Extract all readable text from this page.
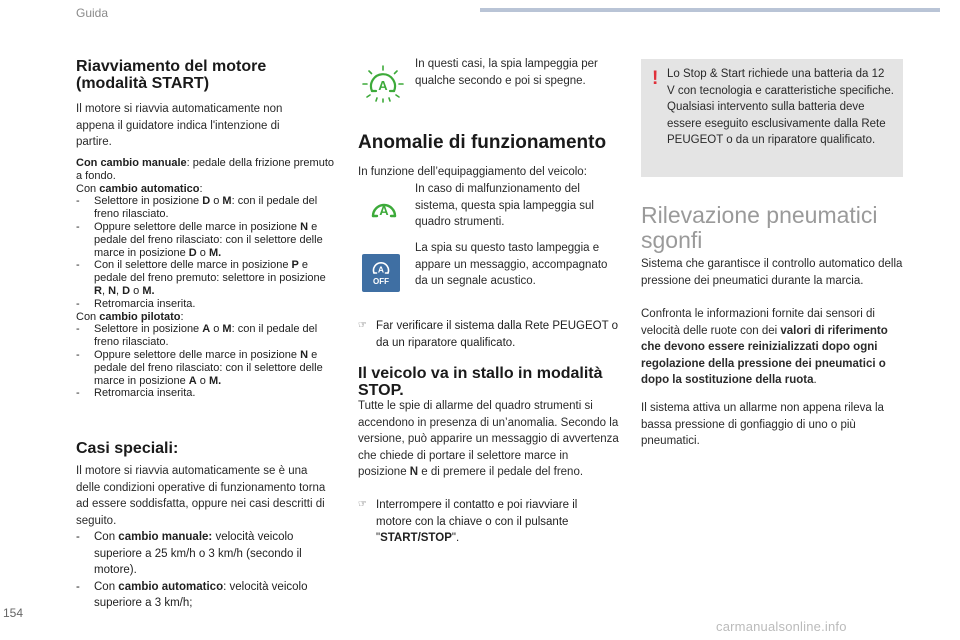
Guida
154
carmanualsonline.info
Riavviamento del motore
(modalità START)

Il motore si riavvia automaticamente non appena il guidatore indica l'intenzione di partire.

Con cambio manuale: pedale della frizione premuto a fondo.

Con cambio automatico:

- Selettore in posizione D o M: con il pedale del freno rilasciato.
- Oppure selettore delle marce in posizione N e pedale del freno rilasciato: con il selettore delle marce in posizione D o M.
- Con il selettore delle marce in posizione P e pedale del freno premuto: selettore in posizione R, N, D o M.
- Retromarcia inserita.

Con cambio pilotato:

- Selettore in posizione A o M: con il pedale del freno rilasciato.
- Oppure selettore delle marce in posizione N e pedale del freno rilasciato: con il selettore delle marce in posizione A o M.
- Retromarcia inserita.
Casi speciali:

Il motore si riavvia automaticamente se è una delle condizioni operative di funzionamento torna ad essere soddisfatta, oppure nei casi descritti di seguito.

- Con cambio manuale: velocità veicolo superiore a 25 km/h o 3 km/h (secondo il motore).
- Con cambio automatico: velocità veicolo superiore a 3 km/h;
A

In questi casi, la spia lampeggia per qualche secondo e poi si spegne.

Anomalie di funzionamento

In funzione dell’equipaggiamento del veicolo:

A

In caso di malfunzionamento del sistema, questa spia lampeggia sul quadro strumenti.

A
OFF

La spia su questo tasto lampeggia e appare un messaggio, accompagnato da un segnale acustico.

☞ Far verificare il sistema dalla Rete PEUGEOT o da un riparatore qualificato.
Il veicolo va in stallo in modalità
STOP.

Tutte le spie di allarme del quadro strumenti si accendono in presenza di un’anomalia. Secondo la versione, può apparire un messaggio di avvertenza che chiede di portare il selettore marce in posizione N e di premere il pedale del freno.

☞ Interrompere il contatto e poi riavviare il motore con la chiave o con il pulsante "START/STOP".
! Lo Stop & Start richiede una batteria da 12 V con tecnologia e caratteristiche specifiche. Qualsiasi intervento sulla batteria deve essere eseguito esclusivamente dalla Rete PEUGEOT o da un riparatore qualificato.

Rilevazione pneumatici
sgonfi

Sistema che garantisce il controllo automatico della pressione dei pneumatici durante la marcia.

Confronta le informazioni fornite dai sensori di velocità delle ruote con dei valori di riferimento che devono essere reinizializzati dopo ogni regolazione della pressione dei pneumatici o dopo la sostituzione della ruota.

Il sistema attiva un allarme non appena rileva la bassa pressione di gonfiaggio di uno o più pneumatici.
